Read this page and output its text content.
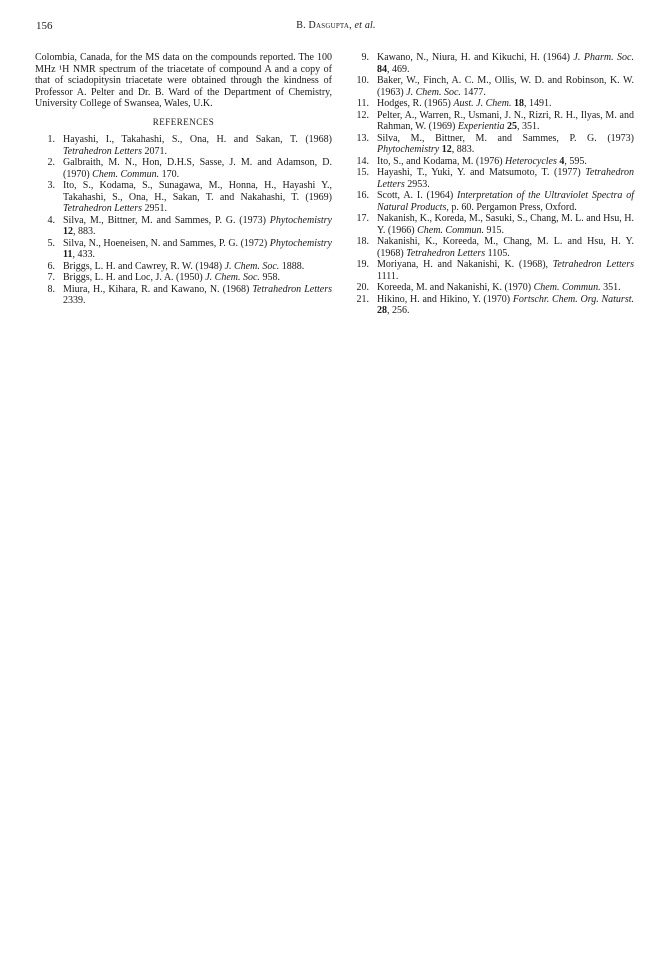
156	B. Dasgupta, et al.

Colombia, Canada, for the MS data on the compounds reported. The 100 MHz ¹H NMR spectrum of the triacetate of compound A and a copy of that of sciadopitysin triacetate were obtained through the kindness of Professor A. Pelter and Dr. B. Ward of the Department of Chemistry, University College of Swansea, Wales, U.K.

REFERENCES

1. Hayashi, I., Takahashi, S., Ona, H. and Sakan, T. (1968) Tetrahedron Letters 2071.

2. Galbraith, M. N., Hon, D.H.S, Sasse, J. M. and Adamson, D. (1970) Chem. Commun. 170.

3. Ito, S., Kodama, S., Sunagawa, M., Honna, H., Hayashi Y., Takahashi, S., Ona, H., Sakan, T. and Nakahashi, T. (1969) Tetrahedron Letters 2951.

4. Silva, M., Bittner, M. and Sammes, P. G. (1973) Phytochemistry 12, 883.

5. Silva, N., Hoeneisen, N. and Sammes, P. G. (1972) Phytochemistry 11, 433.

6. Briggs, L. H. and Cawrey, R. W. (1948) J. Chem. Soc. 1888.

7. Briggs, L. H. and Loc, J. A. (1950) J. Chem. Soc. 958.

8. Miura, H., Kihara, R. and Kawano, N. (1968) Tetrahedron Letters 2339.

9. Kawano, N., Niura, H. and Kikuchi, H. (1964) J. Pharm. Soc. 84, 469.

10. Baker, W., Finch, A. C. M., Ollis, W. D. and Robinson, K. W. (1963) J. Chem. Soc. 1477.

11. Hodges, R. (1965) Aust. J. Chem. 18, 1491.

12. Pelter, A., Warren, R., Usmani, J. N., Rizri, R. H., Ilyas, M. and Rahman, W. (1969) Experientia 25, 351.

13. Silva, M., Bittner, M. and Sammes, P. G. (1973) Phytochemistry 12, 883.

14. Ito, S., and Kodama, M. (1976) Heterocycles 4, 595.

15. Hayashi, T., Yuki, Y. and Matsumoto, T. (1977) Tetrahedron Letters 2953.

16. Scott, A. I. (1964) Interpretation of the Ultraviolet Spectra of Natural Products, p. 60. Pergamon Press, Oxford.

17. Nakanish, K., Koreda, M., Sasuki, S., Chang, M. L. and Hsu, H. Y. (1966) Chem. Commun. 915.

18. Nakanishi, K., Koreeda, M., Chang, M. L. and Hsu, H. Y. (1968) Tetrahedron Letters 1105.

19. Moriyana, H. and Nakanishi, K. (1968), Tetrahedron Letters 1111.

20. Koreeda, M. and Nakanishi, K. (1970) Chem. Commun. 351.

21. Hikino, H. and Hikino, Y. (1970) Fortschr. Chem. Org. Naturst. 28, 256.
